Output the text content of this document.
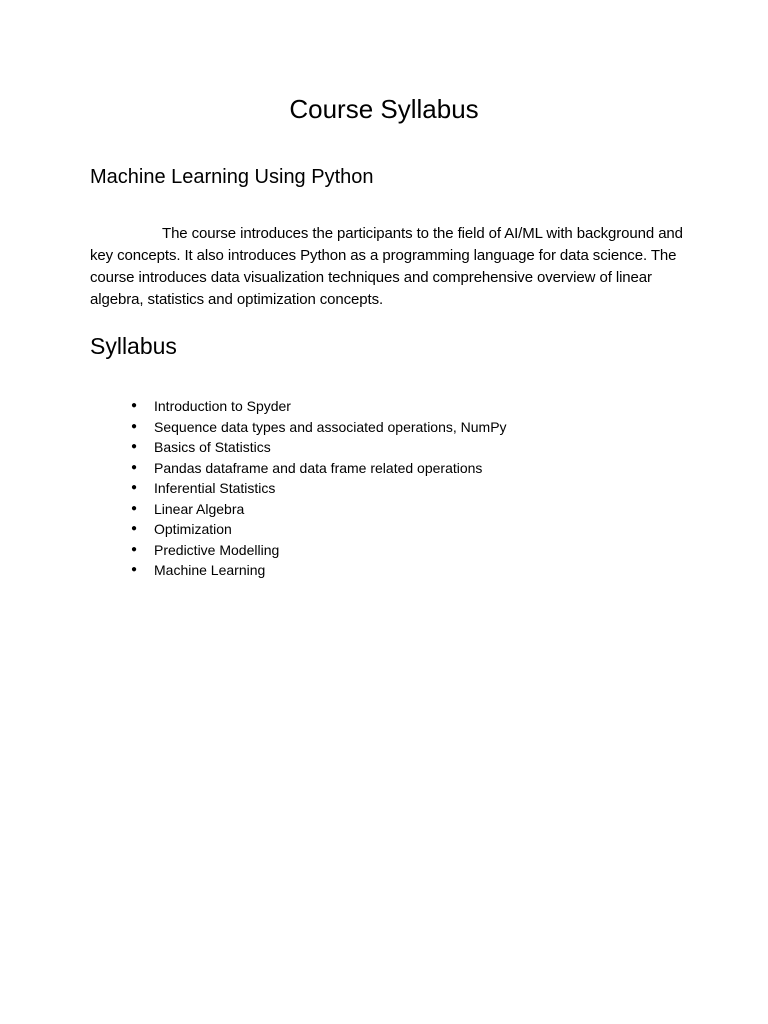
Course Syllabus
Machine Learning Using Python

The course introduces the participants to the field of AI/ML with background and key concepts. It also introduces Python as a programming language for data science. The course introduces data visualization techniques and comprehensive overview of linear algebra, statistics and optimization concepts.

Syllabus
● Introduction to Spyder
● Sequence data types and associated operations, NumPy
● Basics of Statistics
● Pandas dataframe and data frame related operations
● Inferential Statistics
● Linear Algebra
● Optimization
● Predictive Modelling
● Machine Learning
